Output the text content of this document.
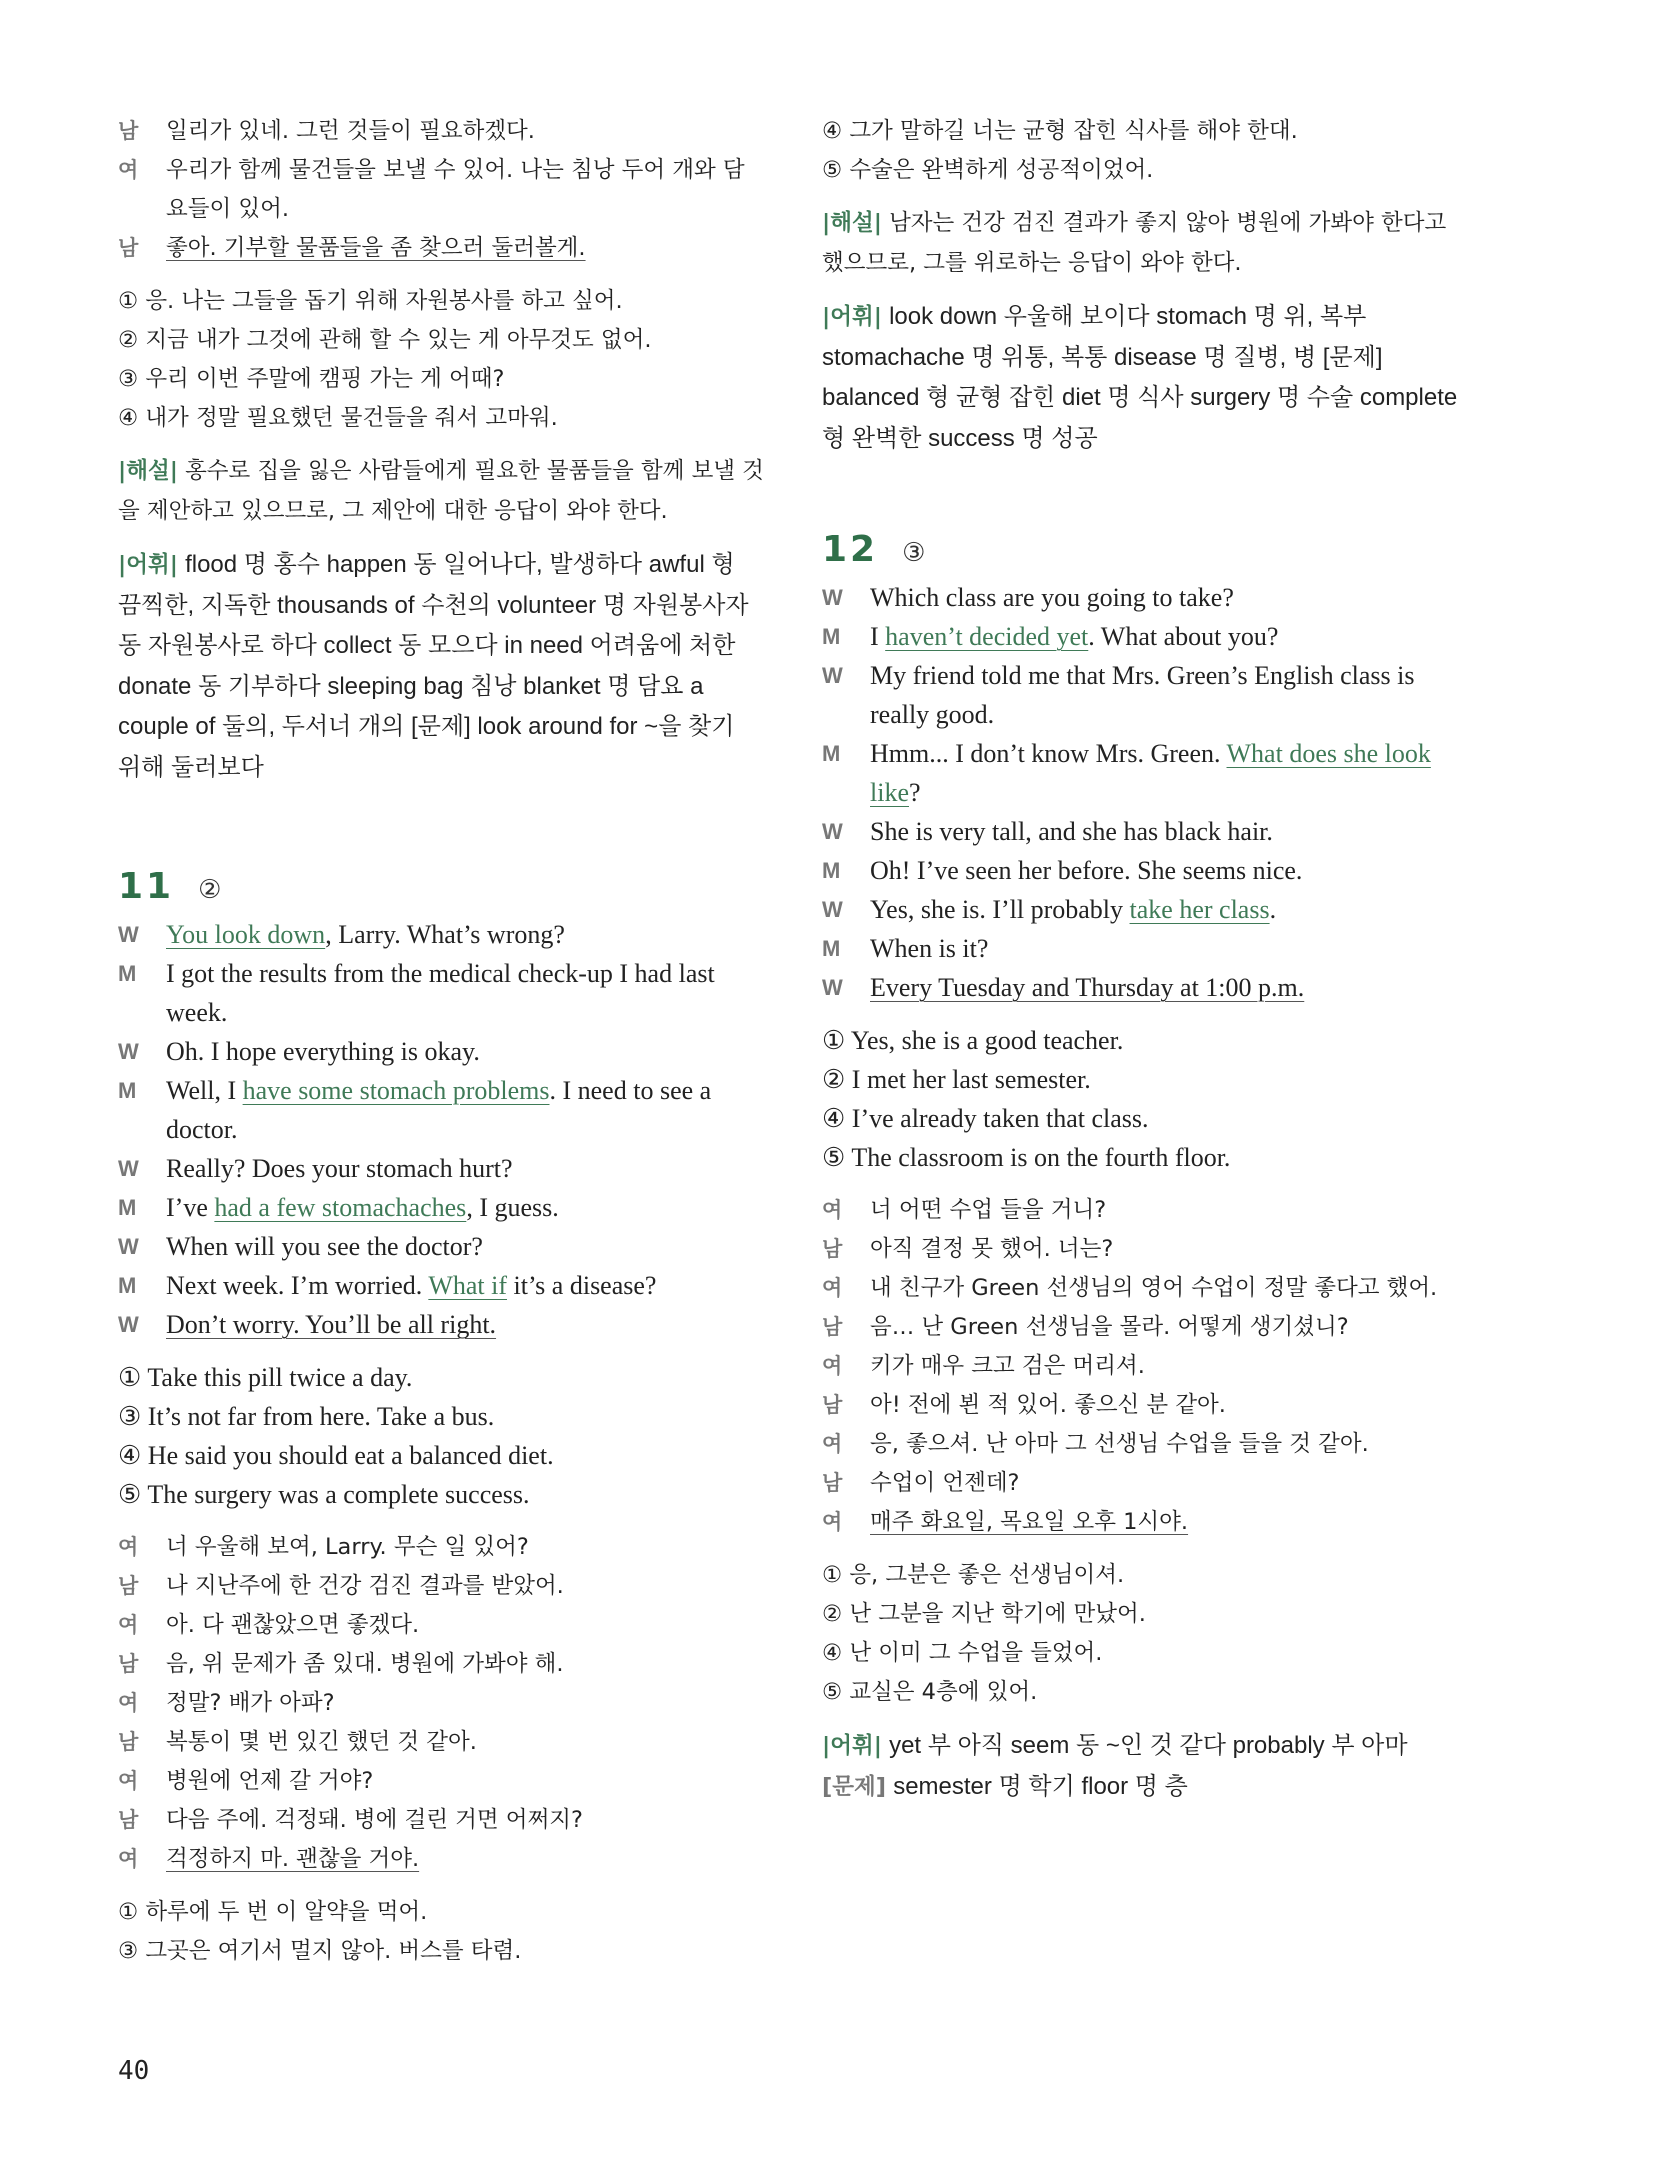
남	일리가 있네. 그런 것들이 필요하겠다.
여	우리가 함께 물건들을 보낼 수 있어. 나는 침낭 두어 개와 담요들이 있어.
남	좋아. 기부할 물품들을 좀 찾으러 둘러볼게.
① 응. 나는 그들을 돕기 위해 자원봉사를 하고 싶어.
② 지금 내가 그것에 관해 할 수 있는 게 아무것도 없어.
③ 우리 이번 주말에 캠핑 가는 게 어때?
④ 내가 정말 필요했던 물건들을 줘서 고마워.
|해설| 홍수로 집을 잃은 사람들에게 필요한 물품들을 함께 보낼 것을 제안하고 있으므로, 그 제안에 대한 응답이 와야 한다.
|어휘| flood 명 홍수 happen 동 일어나다, 발생하다 awful 형 끔찍한, 지독한 thousands of 수천의 volunteer 명 자원봉사자 동 자원봉사로 하다 collect 동 모으다 in need 어려움에 처한 donate 동 기부하다 sleeping bag 침낭 blanket 명 담요 a couple of 둘의, 두서너 개의 [문제] look around for ~을 찾기 위해 둘러보다
11 ②
W	You look down, Larry. What’s wrong?
M	I got the results from the medical check-up I had last week.
W	Oh. I hope everything is okay.
M	Well, I have some stomach problems. I need to see a doctor.
W	Really? Does your stomach hurt?
M	I’ve had a few stomachaches, I guess.
W	When will you see the doctor?
M	Next week. I’m worried. What if it’s a disease?
W	Don’t worry. You’ll be all right.
① Take this pill twice a day.
③ It’s not far from here. Take a bus.
④ He said you should eat a balanced diet.
⑤ The surgery was a complete success.
여	너 우울해 보여, Larry. 무슨 일 있어?
남	나 지난주에 한 건강 검진 결과를 받았어.
여	아. 다 괜찮았으면 좋겠다.
남	음, 위 문제가 좀 있대. 병원에 가봐야 해.
여	정말? 배가 아파?
남	복통이 몇 번 있긴 했던 것 같아.
여	병원에 언제 갈 거야?
남	다음 주에. 걱정돼. 병에 걸린 거면 어쩌지?
여	걱정하지 마. 괜찮을 거야.
① 하루에 두 번 이 알약을 먹어.
③ 그곳은 여기서 멀지 않아. 버스를 타렴.
④ 그가 말하길 너는 균형 잡힌 식사를 해야 한대.
⑤ 수술은 완벽하게 성공적이었어.
|해설| 남자는 건강 검진 결과가 좋지 않아 병원에 가봐야 한다고 했으므로, 그를 위로하는 응답이 와야 한다.
|어휘| look down 우울해 보이다 stomach 명 위, 복부 stomachache 명 위통, 복통 disease 명 질병, 병 [문제] balanced 형 균형 잡힌 diet 명 식사 surgery 명 수술 complete 형 완벽한 success 명 성공
12 ③
W	Which class are you going to take?
M	I haven’t decided yet. What about you?
W	My friend told me that Mrs. Green’s English class is really good.
M	Hmm... I don’t know Mrs. Green. What does she look like?
W	She is very tall, and she has black hair.
M	Oh! I’ve seen her before. She seems nice.
W	Yes, she is. I’ll probably take her class.
M	When is it?
W	Every Tuesday and Thursday at 1:00 p.m.
① Yes, she is a good teacher.
② I met her last semester.
④ I’ve already taken that class.
⑤ The classroom is on the fourth floor.
여	너 어떤 수업 들을 거니?
남	아직 결정 못 했어. 너는?
여	내 친구가 Green 선생님의 영어 수업이 정말 좋다고 했어.
남	음… 난 Green 선생님을 몰라. 어떻게 생기셨니?
여	키가 매우 크고 검은 머리셔.
남	아! 전에 뵌 적 있어. 좋으신 분 같아.
여	응, 좋으셔. 난 아마 그 선생님 수업을 들을 것 같아.
남	수업이 언젠데?
여	매주 화요일, 목요일 오후 1시야.
① 응, 그분은 좋은 선생님이셔.
② 난 그분을 지난 학기에 만났어.
④ 난 이미 그 수업을 들었어.
⑤ 교실은 4층에 있어.
|어휘| yet 부 아직 seem 동 ~인 것 같다 probably 부 아마
[문제] semester 명 학기 floor 명 층
40
